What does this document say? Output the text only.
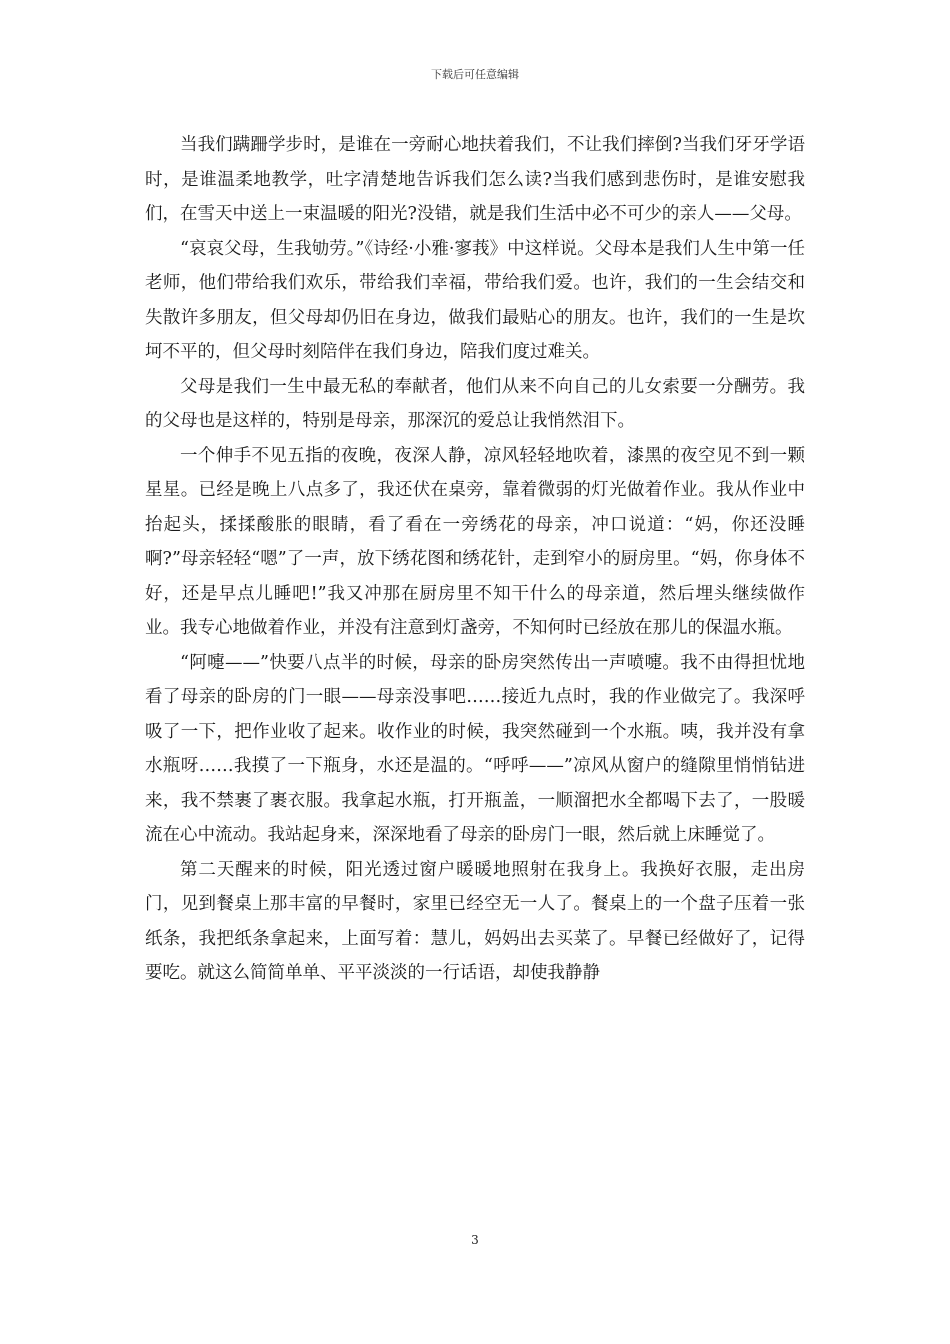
下载后可任意编辑

当我们蹒跚学步时，是谁在一旁耐心地扶着我们，不让我们摔倒?当我们牙牙学语时，是谁温柔地教学，吐字清楚地告诉我们怎么读?当我们感到悲伤时，是谁安慰我们，在雪天中送上一束温暖的阳光?没错，就是我们生活中必不可少的亲人——父母。

“哀哀父母，生我劬劳。”《诗经·小雅·寥莪》中这样说。父母本是我们人生中第一任老师，他们带给我们欢乐，带给我们幸福，带给我们爱。也许，我们的一生会结交和失散许多朋友，但父母却仍旧在身边，做我们最贴心的朋友。也许，我们的一生是坎坷不平的，但父母时刻陪伴在我们身边，陪我们度过难关。

父母是我们一生中最无私的奉献者，他们从来不向自己的儿女索要一分酬劳。我的父母也是这样的，特别是母亲，那深沉的爱总让我悄然泪下。

一个伸手不见五指的夜晚，夜深人静，凉风轻轻地吹着，漆黑的夜空见不到一颗星星。已经是晚上八点多了，我还伏在桌旁，靠着微弱的灯光做着作业。我从作业中抬起头，揉揉酸胀的眼睛，看了看在一旁绣花的母亲，冲口说道：“妈，你还没睡啊?”母亲轻轻“嗯”了一声，放下绣花图和绣花针，走到窄小的厨房里。“妈，你身体不好，还是早点儿睡吧!”我又冲那在厨房里不知干什么的母亲道，然后埋头继续做作业。我专心地做着作业，并没有注意到灯盏旁，不知何时已经放在那儿的保温水瓶。

“阿嚏——”快要八点半的时候，母亲的卧房突然传出一声喷嚏。我不由得担忧地看了母亲的卧房的门一眼——母亲没事吧……接近九点时，我的作业做完了。我深呼吸了一下，把作业收了起来。收作业的时候，我突然碰到一个水瓶。咦，我并没有拿水瓶呀……我摸了一下瓶身，水还是温的。“呼呼——”凉风从窗户的缝隙里悄悄钻进来，我不禁裹了裹衣服。我拿起水瓶，打开瓶盖，一顺溜把水全都喝下去了，一股暖流在心中流动。我站起身来，深深地看了母亲的卧房门一眼，然后就上床睡觉了。

第二天醒来的时候，阳光透过窗户暖暖地照射在我身上。我换好衣服，走出房门，见到餐桌上那丰富的早餐时，家里已经空无一人了。餐桌上的一个盘子压着一张纸条，我把纸条拿起来，上面写着：慧儿，妈妈出去买菜了。早餐已经做好了，记得要吃。就这么简简单单、平平淡淡的一行话语，却使我静静

3
